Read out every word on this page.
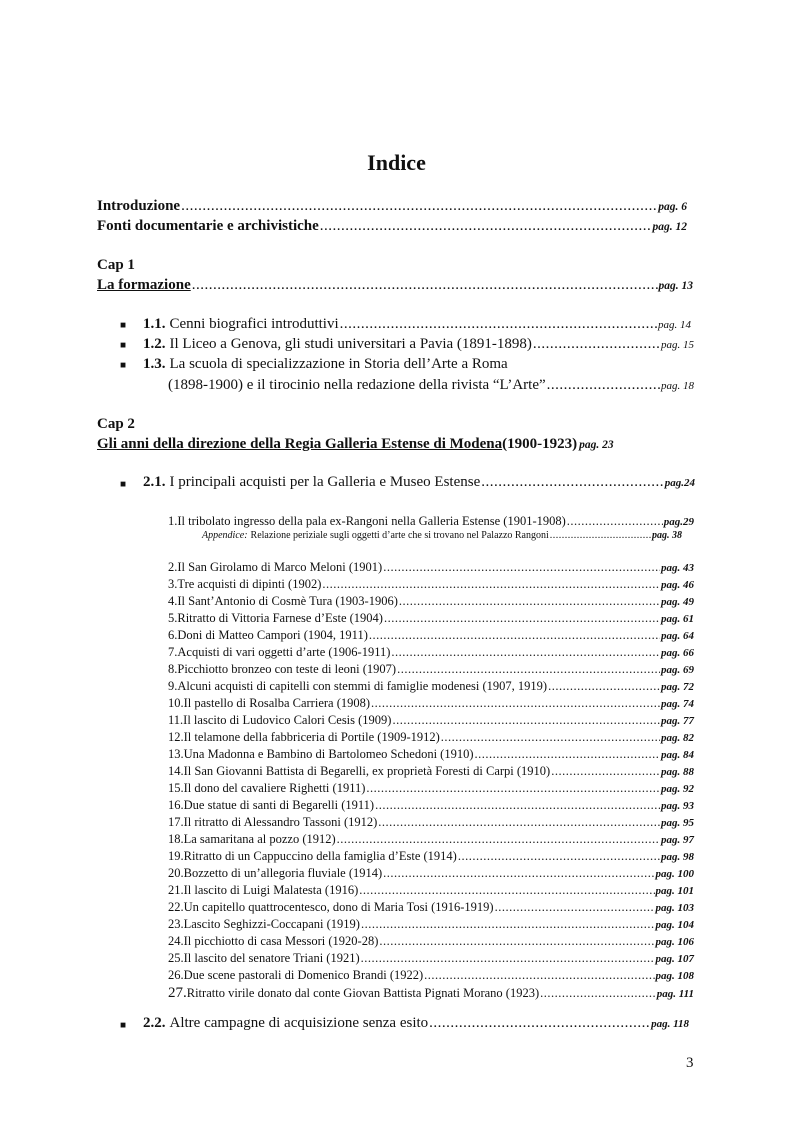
Indice
Introduzione .....	pag. 6
Fonti documentarie e archivistiche .....	pag. 12

Cap 1

La formazione .....	pag. 13
■ 1.1. Cenni biografici introduttivi .....	pag. 14
■ 1.2. Il Liceo a Genova, gli studi universitari a Pavia (1891-1898) .....	pag. 15
■ 1.3. La scuola di specializzazione in Storia dell’Arte a Roma
(1898-1900) e il tirocinio nella redazione della rivista “L’Arte” .....	pag. 18

Cap 2

Gli anni della direzione della Regia Galleria Estense di Modena (1900-1923) pag. 23
■ 2.1. I principali acquisti per la Galleria e Museo Estense .....	pag.24
1. Il tribolato ingresso della pala ex-Rangoni nella Galleria Estense (1901-1908) .....	pag.29
Appendice: Relazione periziale sugli oggetti d’arte che si trovano nel Palazzo Rangoni .....	pag. 38
2. Il San Girolamo di Marco Meloni (1901) .....	pag. 43
3. Tre acquisti di dipinti (1902) .....	pag. 46
4. Il Sant’Antonio di Cosmè Tura (1903-1906) .....	pag. 49
5. Ritratto di Vittoria Farnese d’Este (1904) .....	pag. 61
6. Doni di Matteo Campori (1904, 1911) .....	pag. 64
7. Acquisti di vari oggetti d’arte (1906-1911) .....	pag. 66
8. Picchiotto bronzeo con teste di leoni (1907) .....	pag. 69
9. Alcuni acquisti di capitelli con stemmi di famiglie modenesi (1907, 1919) .....	pag. 72
10. Il pastello di Rosalba Carriera (1908) .....	pag. 74
11. Il lascito di Ludovico Calori Cesis (1909) .....	pag. 77
12. Il telamone della fabbriceria di Portile (1909-1912) .....	pag. 82
13. Una Madonna e Bambino di Bartolomeo Schedoni (1910) .....	pag. 84
14. Il San Giovanni Battista di Begarelli, ex proprietà Foresti di Carpi (1910) .....	pag. 88
15. Il dono del cavaliere Righetti (1911) .....	pag. 92
16. Due statue di santi di Begarelli (1911) .....	pag. 93
17. Il ritratto di Alessandro Tassoni (1912) .....	pag. 95
18. La samaritana al pozzo (1912) .....	pag. 97
19. Ritratto di un Cappuccino della famiglia d’Este (1914) .....	pag. 98
20. Bozzetto di un’allegoria fluviale (1914) .....	pag. 100
21. Il lascito di Luigi Malatesta (1916) .....	pag. 101
22. Un capitello quattrocentesco, dono di Maria Tosi (1916-1919) .....	pag. 103
23. Lascito Seghizzi-Coccapani (1919) .....	pag. 104
24. Il picchiotto di casa Messori (1920-28) .....	pag. 106
25. Il lascito del senatore Triani (1921) .....	pag. 107
26. Due scene pastorali di Domenico Brandi (1922) .....	pag. 108
27. Ritratto virile donato dal conte Giovan Battista Pignati Morano (1923) .....	pag. 111
■ 2.2. Altre campagne di acquisizione senza esito .....	pag. 118
3
